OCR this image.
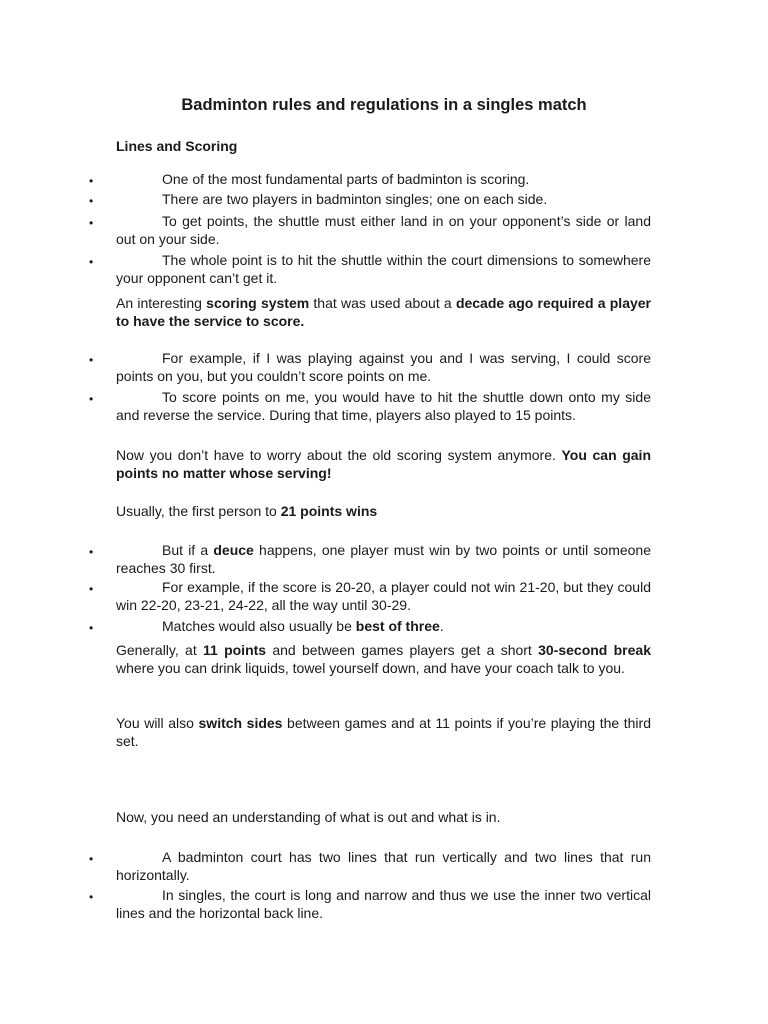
Badminton rules and regulations in a singles match
Lines and Scoring
•	One of the most fundamental parts of badminton is scoring.

•	There are two players in badminton singles; one on each side.

•	To get points, the shuttle must either land in on your opponent’s side or land out on your side.

•	The whole point is to hit the shuttle within the court dimensions to somewhere your opponent can’t get it.

An interesting scoring system that was used about a decade ago required a player to have the service to score.

•	For example, if I was playing against you and I was serving, I could score points on you, but you couldn’t score points on me.

•	To score points on me, you would have to hit the shuttle down onto my side and reverse the service. During that time, players also played to 15 points.

Now you don’t have to worry about the old scoring system anymore. You can gain points no matter whose serving!

Usually, the first person to 21 points wins

•	But if a deuce happens, one player must win by two points or until someone reaches 30 first.

•	For example, if the score is 20-20, a player could not win 21-20, but they could win 22-20, 23-21, 24-22, all the way until 30-29.

•	Matches would also usually be best of three.

Generally, at 11 points and between games players get a short 30-second break where you can drink liquids, towel yourself down, and have your coach talk to you.

You will also switch sides between games and at 11 points if you’re playing the third set.

Now, you need an understanding of what is out and what is in.

•	A badminton court has two lines that run vertically and two lines that run horizontally.

•	In singles, the court is long and narrow and thus we use the inner two vertical lines and the horizontal back line.
